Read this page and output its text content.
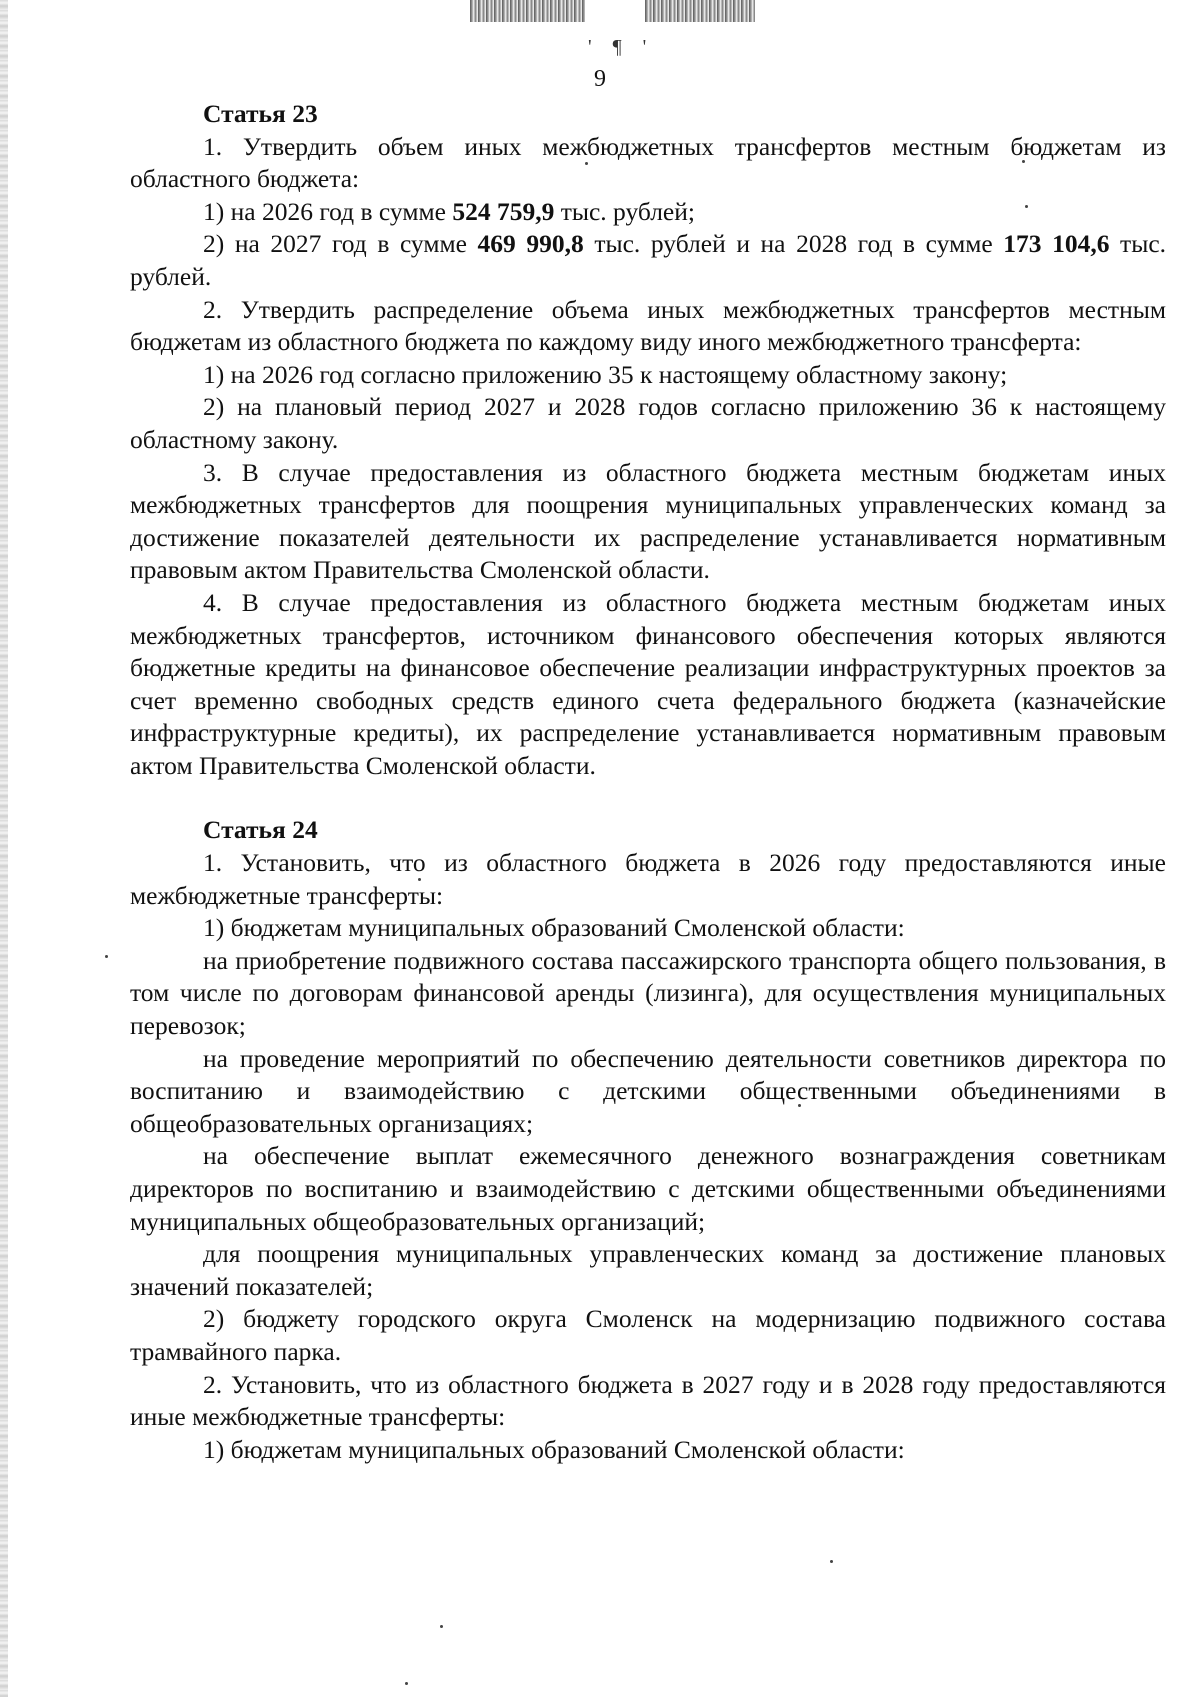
' ¶ '
9
Статья 23

1. Утвердить объем иных межбюджетных трансфертов местным бюджетам из областного бюджета:

1) на 2026 год в сумме 524 759,9 тыс. рублей;

2) на 2027 год в сумме 469 990,8 тыс. рублей и на 2028 год в сумме 173 104,6 тыс. рублей.

2. Утвердить распределение объема иных межбюджетных трансфертов местным бюджетам из областного бюджета по каждому виду иного межбюджетного трансферта:

1) на 2026 год согласно приложению 35 к настоящему областному закону;

2) на плановый период 2027 и 2028 годов согласно приложению 36 к настоящему областному закону.

3. В случае предоставления из областного бюджета местным бюджетам иных межбюджетных трансфертов для поощрения муниципальных управленческих команд за достижение показателей деятельности их распределение устанавливается нормативным правовым актом Правительства Смоленской области.

4. В случае предоставления из областного бюджета местным бюджетам иных межбюджетных трансфертов, источником финансового обеспечения которых являются бюджетные кредиты на финансовое обеспечение реализации инфраструктурных проектов за счет временно свободных средств единого счета федерального бюджета (казначейские инфраструктурные кредиты), их распределение устанавливается нормативным правовым актом Правительства Смоленской области.

Статья 24

1. Установить, что из областного бюджета в 2026 году предоставляются иные межбюджетные трансферты:

1) бюджетам муниципальных образований Смоленской области:

на приобретение подвижного состава пассажирского транспорта общего пользования, в том числе по договорам финансовой аренды (лизинга), для осуществления муниципальных перевозок;

на проведение мероприятий по обеспечению деятельности советников директора по воспитанию и взаимодействию с детскими общественными объединениями в общеобразовательных организациях;

на обеспечение выплат ежемесячного денежного вознаграждения советникам директоров по воспитанию и взаимодействию с детскими общественными объединениями муниципальных общеобразовательных организаций;

для поощрения муниципальных управленческих команд за достижение плановых значений показателей;

2) бюджету городского округа Смоленск на модернизацию подвижного состава трамвайного парка.

2. Установить, что из областного бюджета в 2027 году и в 2028 году предоставляются иные межбюджетные трансферты:

1) бюджетам муниципальных образований Смоленской области:
